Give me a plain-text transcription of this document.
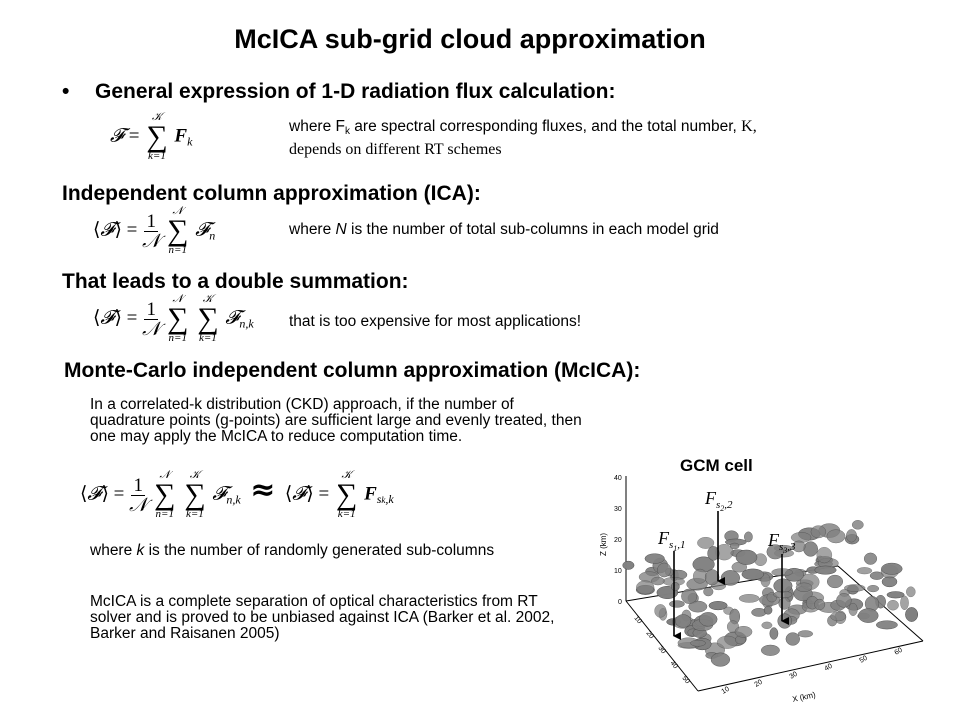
McICA sub-grid cloud approximation
• General expression of 1-D radiation flux calculation:
𝓕 =
𝒦
∑
k=1
$F_k$
where $F_k$ are spectral corresponding fluxes, and the total number, K, depends on different RT schemes
Independent column approximation (ICA):
⟨𝓕⟩ = $\frac{1}{\text{𝒩}}$

𝒩
∑
n=1
𝓕$_n$	where N is the number of total sub-columns in each model grid
That leads to a double summation:
⟨𝓕⟩ = $\frac{1}{\text{𝒩}}$

𝒩
∑
n=1

𝒦
∑
k=1
𝓕$_{n,k}$ that is too expensive for most applications!
Monte-Carlo independent column approximation (McICA):
In a correlated-k distribution (CKD) approach, if the number of quadrature points (g-points) are sufficient large and evenly treated, then one may apply the McICA to reduce computation time.
⟨𝓕⟩ = $\frac{1}{\text{𝒩}}$

𝒩
∑
n=1

𝒦
∑
k=1
𝓕$_{n,k}$ ≈  ⟨𝓕⟩ =
𝒦
∑
k=1
$F_{sk,k}$
where k is the number of randomly generated sub-columns
McICA is a complete separation of optical characteristics from RT solver and is proved to be unbiased against ICA (Barker et al. 2002, Barker and Raisanen 2005)
GCM cell
40
30
20
10
0
Z (km)
10
20
30
40
50
60
X (km)
10
20
30
40
50
$F_s1,1$
$F_s2,2$
$F_s3,3$
